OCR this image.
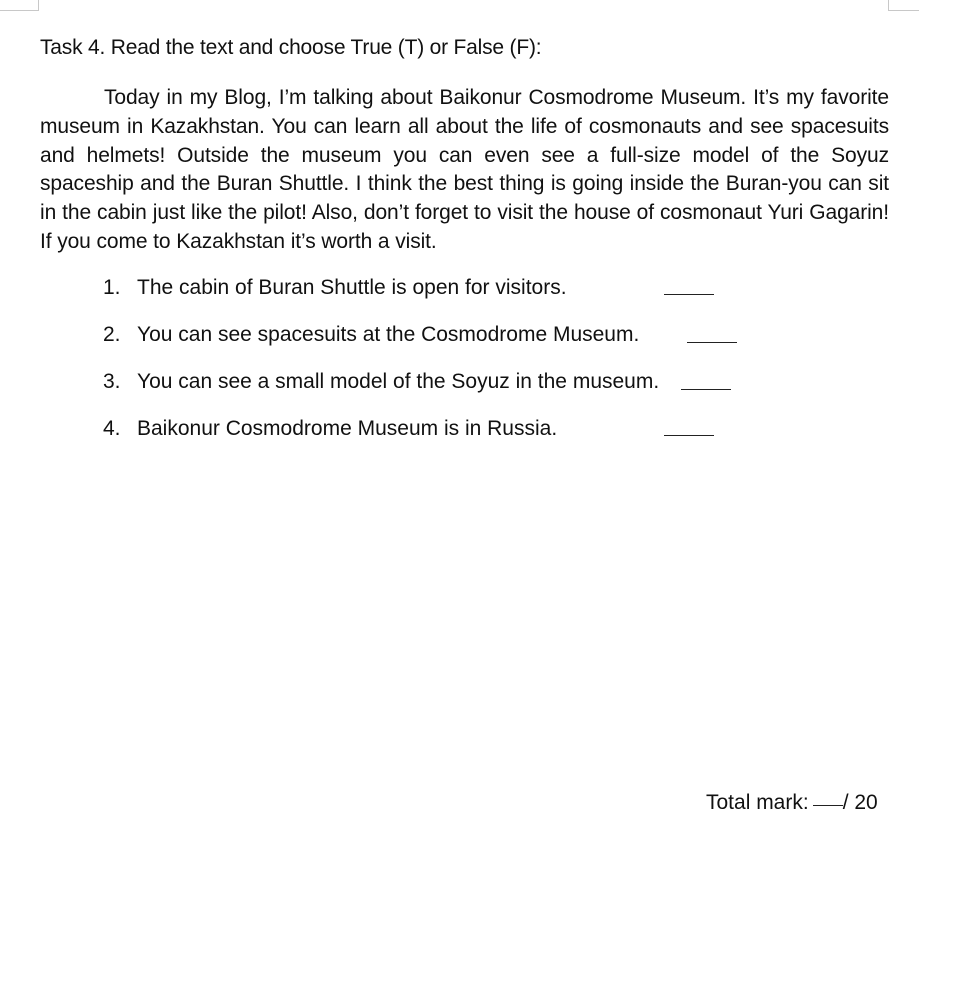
Task 4. Read the text and choose True (T) or False (F):

Today in my Blog, I’m talking about Baikonur Cosmodrome Museum. It’s my favorite museum in Kazakhstan. You can learn all about the life of cosmonauts and see spacesuits and helmets! Outside the museum you can even see a full-size model of the Soyuz spaceship and the Buran Shuttle. I think the best thing is going inside the Buran-you can sit in the cabin just like the pilot! Also, don’t forget to visit the house of cosmonaut Yuri Gagarin! If you come to Kazakhstan it’s worth a visit.

1. The cabin of Buran Shuttle is open for visitors.
2. You can see spacesuits at the Cosmodrome Museum.
3. You can see a small model of the Soyuz in the museum.
4. Baikonur Cosmodrome Museum is in Russia.
Total mark: / 20
